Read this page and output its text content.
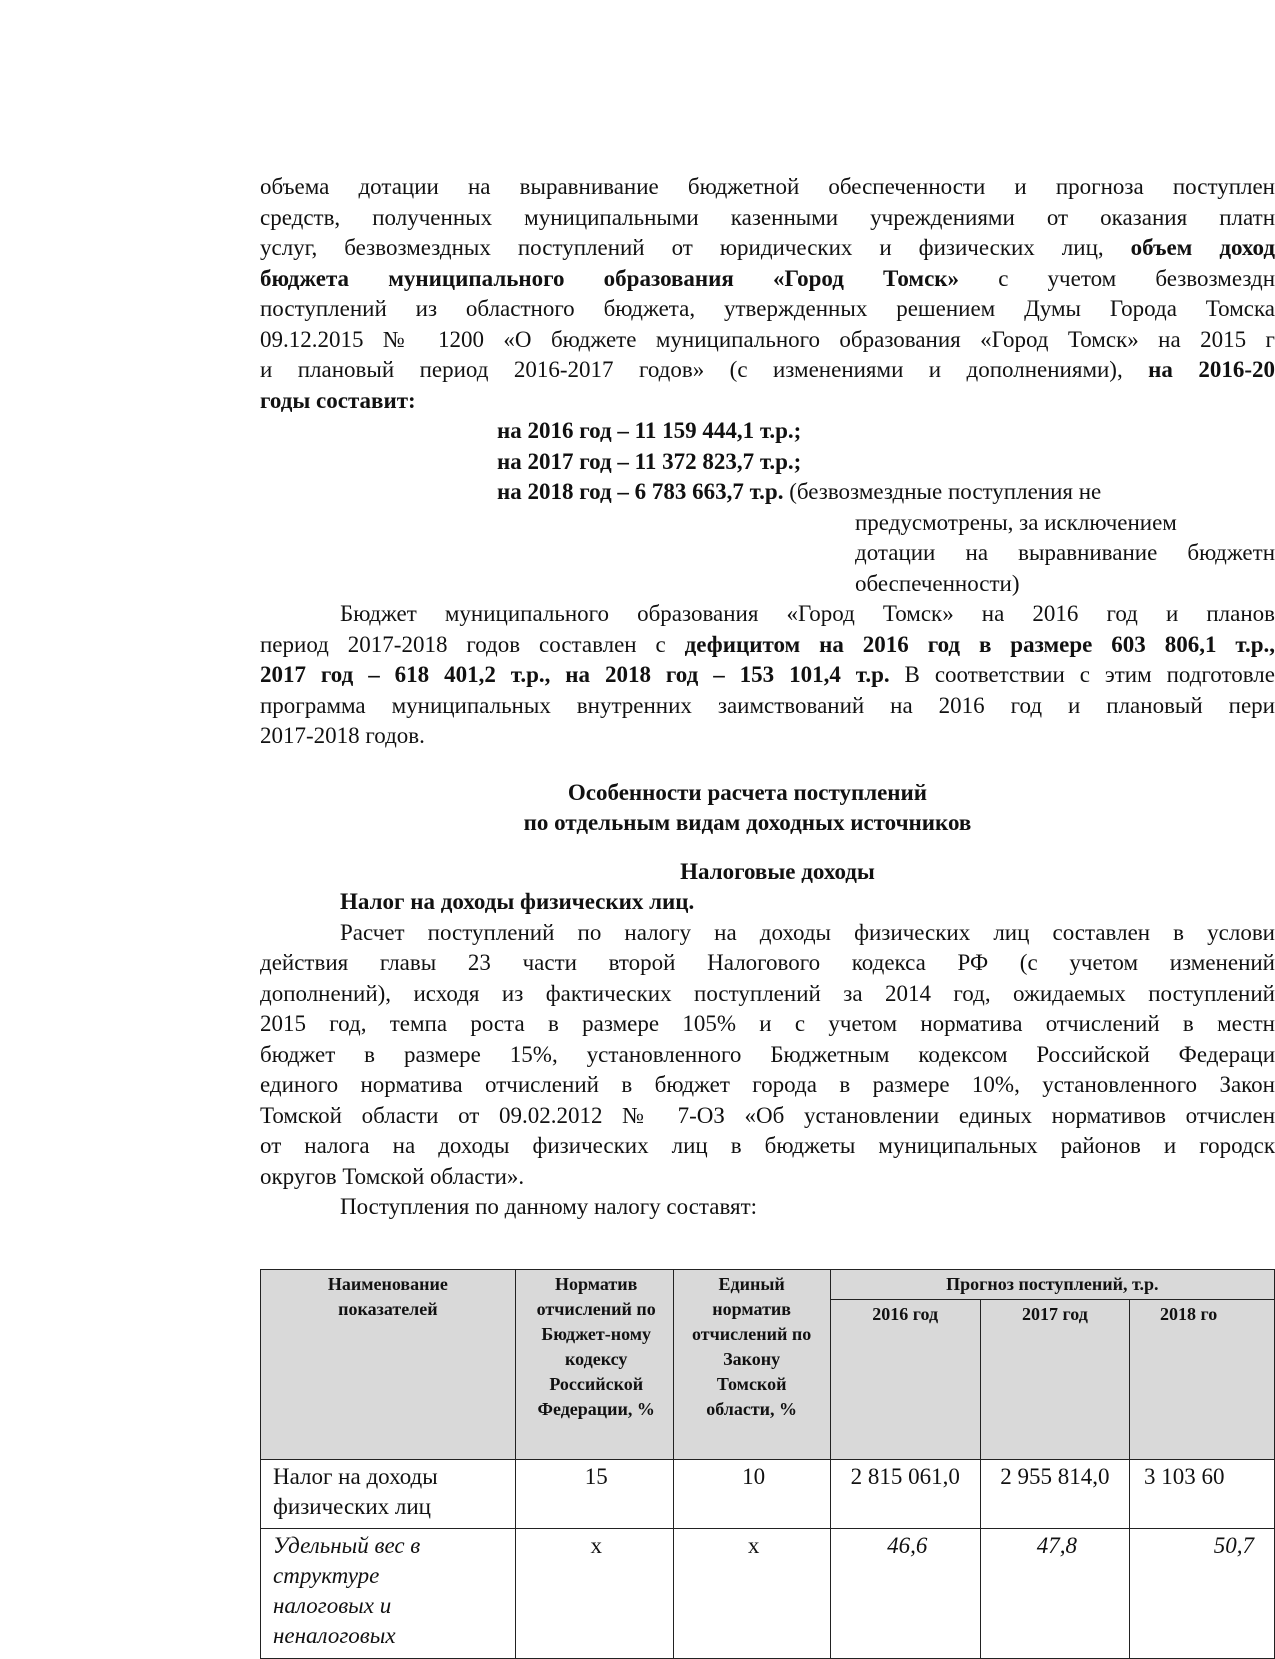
объема дотации на выравнивание бюджетной обеспеченности и прогноза поступлен

средств, полученных муниципальными казенными учреждениями от оказания платн

услуг, безвозмездных поступлений от юридических и физических лиц, объем доход

бюджета муниципального образования «Город Томск» с учетом безвозмездн

поступлений из областного бюджета, утвержденных решением Думы Города Томска

09.12.2015 № 1200 «О бюджете муниципального образования «Город Томск» на 2015 г

и плановый период 2016-2017 годов» (с изменениями и дополнениями), на 2016-20

годы составит:

на 2016 год – 11 159 444,1 т.р.;
на 2017 год – 11 372 823,7 т.р.;
на 2018 год – 6 783 663,7 т.р. (безвозмездные поступления не
предусмотрены, за исключением
дотации на выравнивание бюджетн
обеспеченности)

Бюджет муниципального образования «Город Томск» на 2016 год и планов

период 2017-2018 годов составлен с дефицитом на 2016 год в размере 603 806,1 т.р.,

2017 год – 618 401,2 т.р., на 2018 год – 153 101,4 т.р. В соответствии с этим подготовле

программа муниципальных внутренних заимствований на 2016 год и плановый пери

2017-2018 годов.

Особенности расчета поступлений

по отдельным видам доходных источников

Налоговые доходы

Налог на доходы физических лиц.

Расчет поступлений по налогу на доходы физических лиц составлен в услови

действия главы 23 части второй Налогового кодекса РФ (с учетом изменений

дополнений), исходя из фактических поступлений за 2014 год, ожидаемых поступлений

2015 год, темпа роста в размере 105% и с учетом норматива отчислений в местн

бюджет в размере 15%, установленного Бюджетным кодексом Российской Федераци

единого норматива отчислений в бюджет города в размере 10%, установленного Закон

Томской области от 09.02.2012 № 7-ОЗ «Об установлении единых нормативов отчислен

от налога на доходы физических лиц в бюджеты муниципальных районов и городск

округов Томской области».

Поступления по данному налогу составят:

Наименование показателей	Норматив отчислений по Бюджет-ному кодексу Российской Федерации, %	Единый норматив отчислений по Закону Томской области, %	Прогноз поступлений, т.р.		
			2016 год	2017 год	2018 го
Налог на доходы физических лиц	15	10	2 815 061,0	2 955 814,0	3 103 60
Удельный вес в структуре налоговых и неналоговых	х	х	46,6	47,8	50,7
